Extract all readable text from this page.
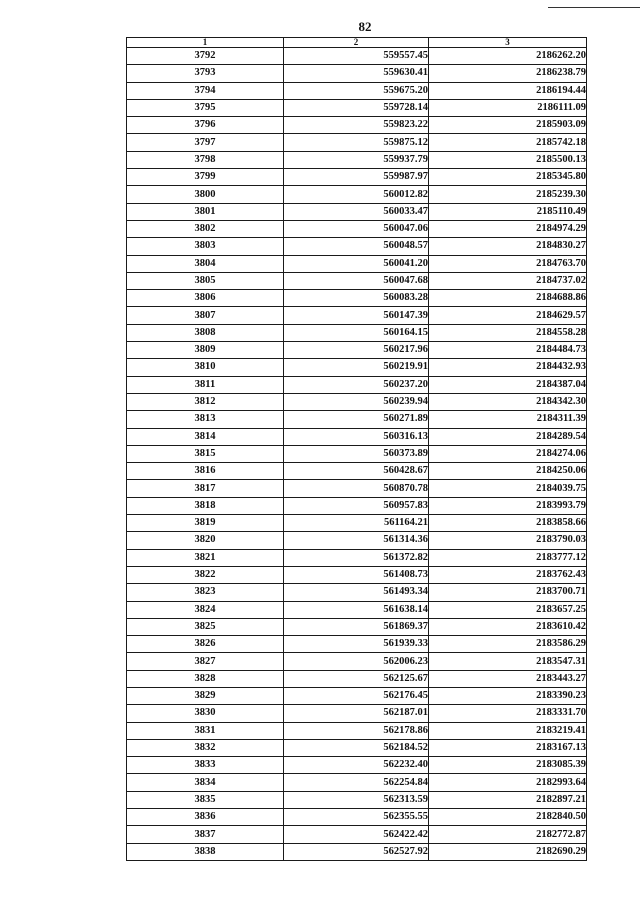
82
1	2	3
3792	559557.45	2186262.20
3793	559630.41	2186238.79
3794	559675.20	2186194.44
3795	559728.14	2186111.09
3796	559823.22	2185903.09
3797	559875.12	2185742.18
3798	559937.79	2185500.13
3799	559987.97	2185345.80
3800	560012.82	2185239.30
3801	560033.47	2185110.49
3802	560047.06	2184974.29
3803	560048.57	2184830.27
3804	560041.20	2184763.70
3805	560047.68	2184737.02
3806	560083.28	2184688.86
3807	560147.39	2184629.57
3808	560164.15	2184558.28
3809	560217.96	2184484.73
3810	560219.91	2184432.93
3811	560237.20	2184387.04
3812	560239.94	2184342.30
3813	560271.89	2184311.39
3814	560316.13	2184289.54
3815	560373.89	2184274.06
3816	560428.67	2184250.06
3817	560870.78	2184039.75
3818	560957.83	2183993.79
3819	561164.21	2183858.66
3820	561314.36	2183790.03
3821	561372.82	2183777.12
3822	561408.73	2183762.43
3823	561493.34	2183700.71
3824	561638.14	2183657.25
3825	561869.37	2183610.42
3826	561939.33	2183586.29
3827	562006.23	2183547.31
3828	562125.67	2183443.27
3829	562176.45	2183390.23
3830	562187.01	2183331.70
3831	562178.86	2183219.41
3832	562184.52	2183167.13
3833	562232.40	2183085.39
3834	562254.84	2182993.64
3835	562313.59	2182897.21
3836	562355.55	2182840.50
3837	562422.42	2182772.87
3838	562527.92	2182690.29
